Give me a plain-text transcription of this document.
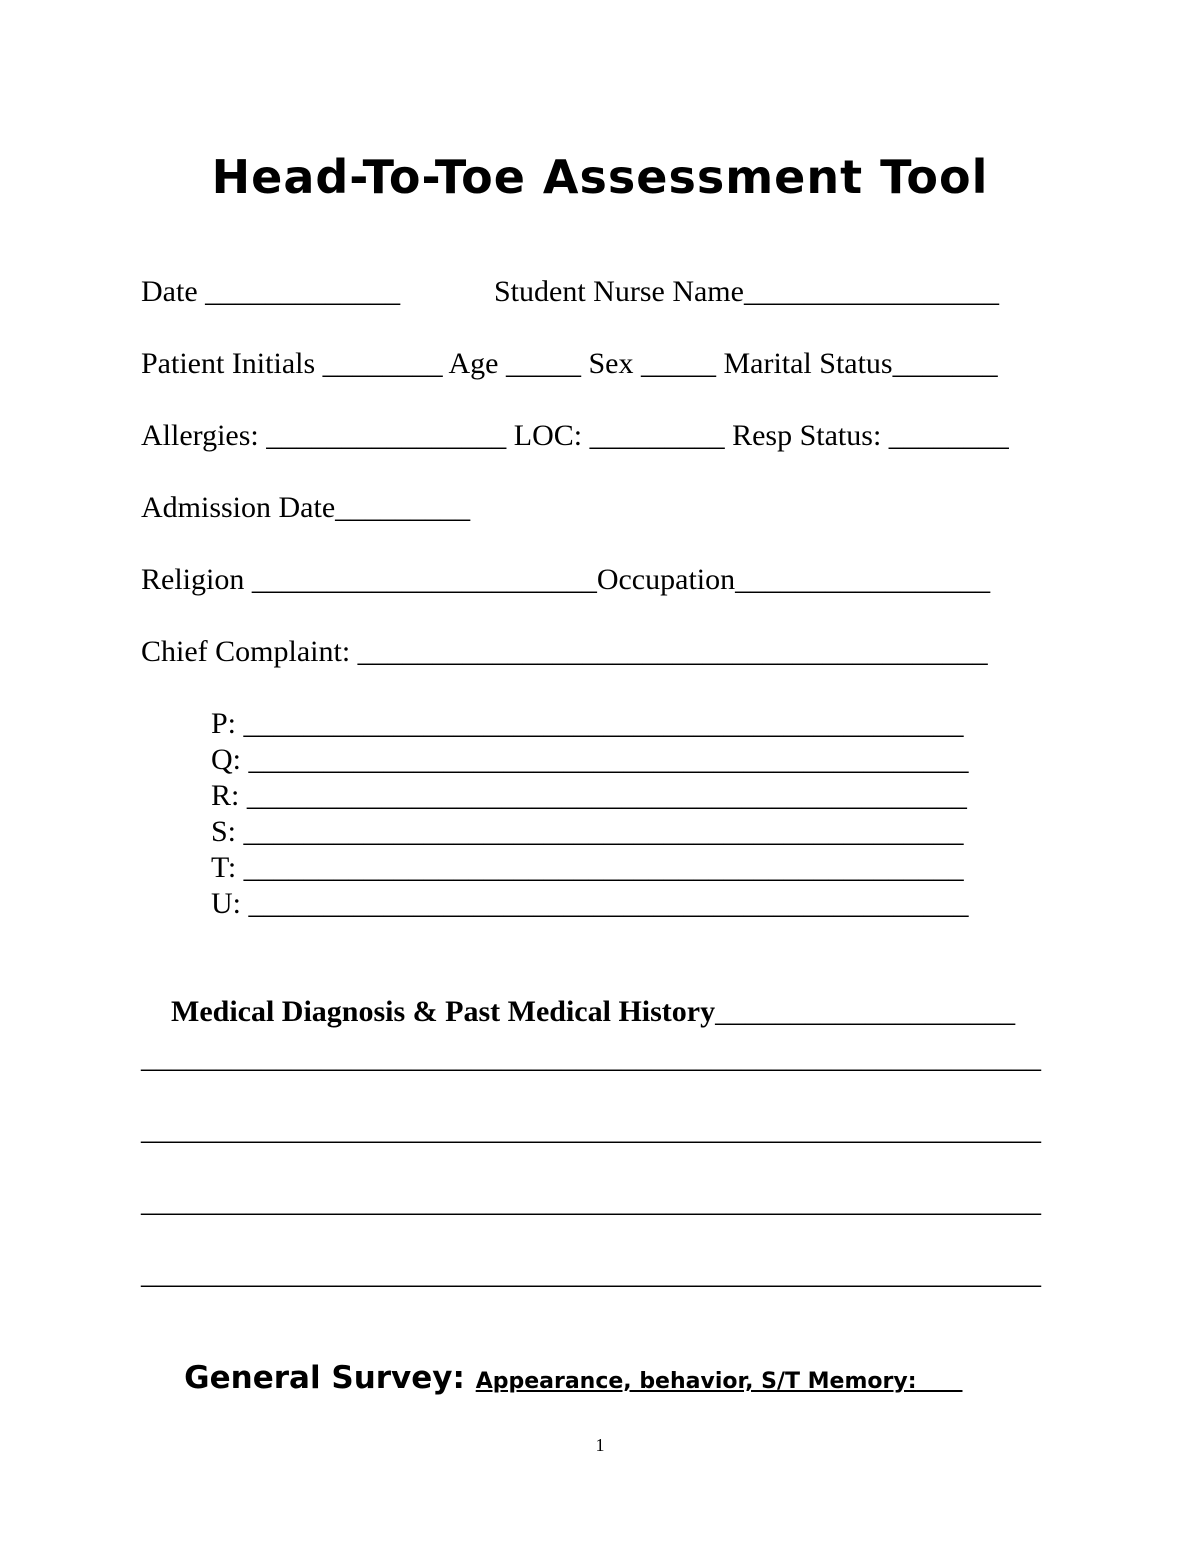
Head-To-Toe Assessment Tool
Date _____________	Student Nurse Name_________________
Patient Initials ________ Age _____ Sex _____ Marital Status_______
Allergies: ________________ LOC: _________ Resp Status: ________
Admission Date_________
Religion _______________________Occupation_________________
Chief Complaint: __________________________________________
P: ________________________________________________
Q: ________________________________________________
R: ________________________________________________
S: ________________________________________________
T: ________________________________________________
U: ________________________________________________

Medical Diagnosis & Past Medical History____________________

____________________________________________________________
____________________________________________________________
____________________________________________________________
____________________________________________________________

General Survey: Appearance, behavior, S/T Memory:

1
